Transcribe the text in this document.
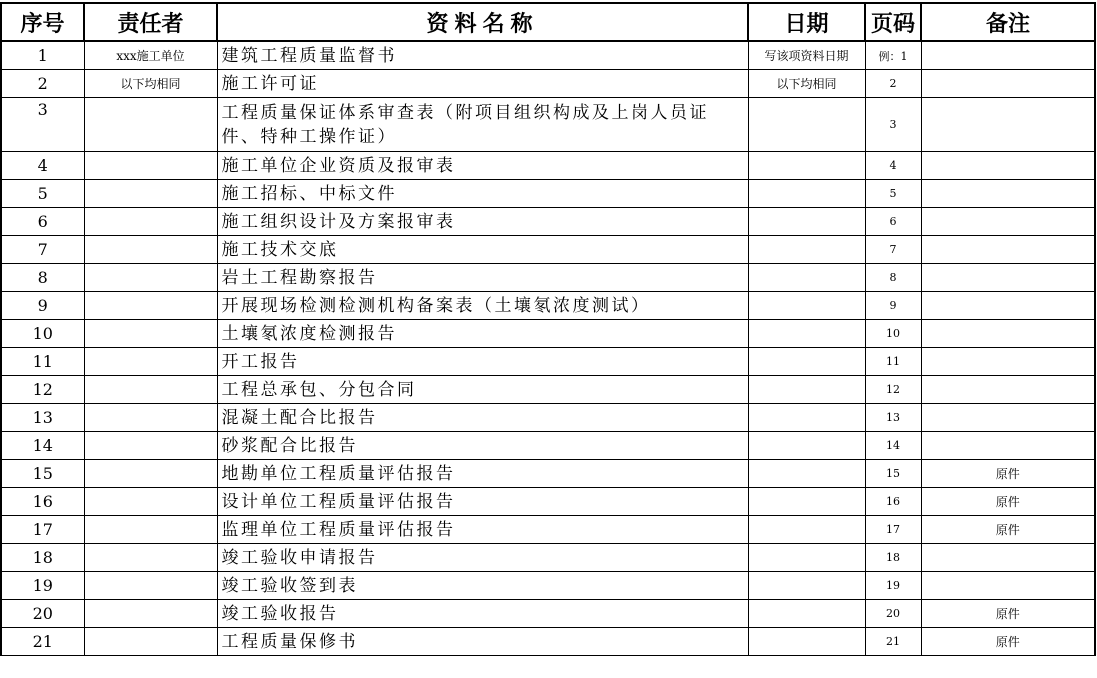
序号	责任者	资料名称	日期	页码	备注
1	xxx施工单位	建筑工程质量监督书	写该项资料日期	例：1	
2	以下均相同	施工许可证	以下均相同	2	
3		工程质量保证体系审查表（附项目组织构成及上岗人员证件、特种工操作证）		3	
4		施工单位企业资质及报审表		4	
5		施工招标、中标文件		5	
6		施工组织设计及方案报审表		6	
7		施工技术交底		7	
8		岩土工程勘察报告		8	
9		开展现场检测检测机构备案表（土壤氡浓度测试）		9	
10		土壤氡浓度检测报告		10	
11		开工报告		11	
12		工程总承包、分包合同		12	
13		混凝土配合比报告		13	
14		砂浆配合比报告		14	
15		地勘单位工程质量评估报告		15	原件
16		设计单位工程质量评估报告		16	原件
17		监理单位工程质量评估报告		17	原件
18		竣工验收申请报告		18	
19		竣工验收签到表		19	
20		竣工验收报告		20	原件
21		工程质量保修书		21	原件
